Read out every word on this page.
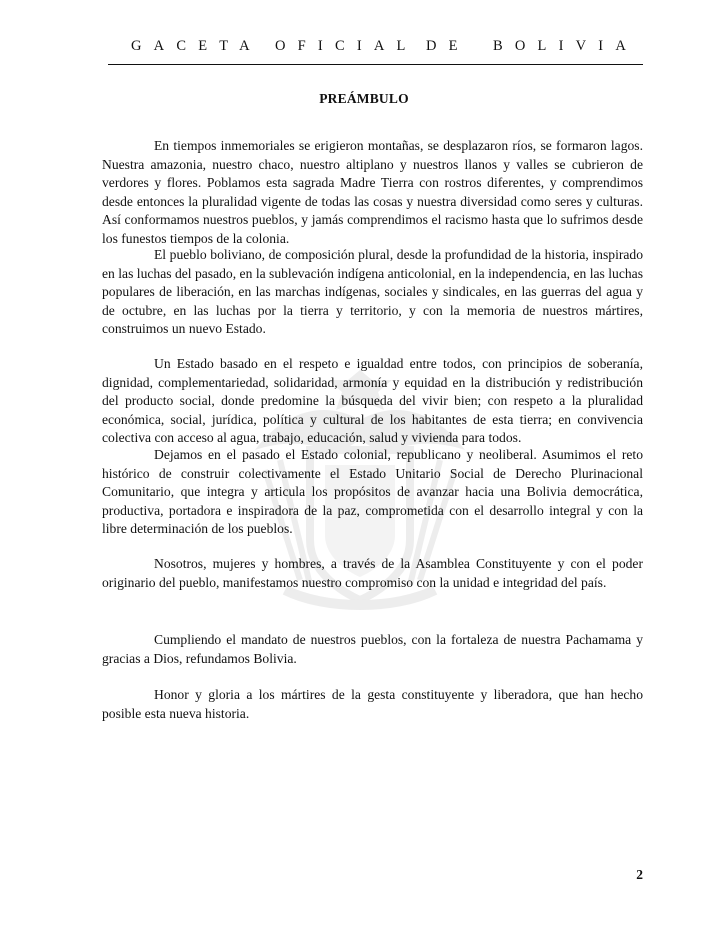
GACETA OFICIAL DE BOLIVIA
PREÁMBULO

En tiempos inmemoriales se erigieron montañas, se desplazaron ríos, se formaron lagos. Nuestra amazonia, nuestro chaco, nuestro altiplano y nuestros llanos y valles se cubrieron de verdores y flores. Poblamos esta sagrada Madre Tierra con rostros diferentes, y comprendimos desde entonces la pluralidad vigente de todas las cosas y nuestra diversidad como seres y culturas. Así conformamos nuestros pueblos, y jamás comprendimos el racismo hasta que lo sufrimos desde los funestos tiempos de la colonia.

El pueblo boliviano, de composición plural, desde la profundidad de la historia, inspirado en las luchas del pasado, en la sublevación indígena anticolonial, en la independencia, en las luchas populares de liberación, en las marchas indígenas, sociales y sindicales, en las guerras del agua y de octubre, en las luchas por la tierra y territorio, y con la memoria de nuestros mártires, construimos un nuevo Estado.

Un Estado basado en el respeto e igualdad entre todos, con principios de soberanía, dignidad, complementariedad, solidaridad, armonía y equidad en la distribución y redistribución del producto social, donde predomine la búsqueda del vivir bien; con respeto a la pluralidad económica, social, jurídica, política y cultural de los habitantes de esta tierra; en convivencia colectiva con acceso al agua, trabajo, educación, salud y vivienda para todos.

Dejamos en el pasado el Estado colonial, republicano y neoliberal. Asumimos el reto histórico de construir colectivamente el Estado Unitario Social de Derecho Plurinacional Comunitario, que integra y articula los propósitos de avanzar hacia una Bolivia democrática, productiva, portadora e inspiradora de la paz, comprometida con el desarrollo integral y con la libre determinación de los pueblos.

Nosotros, mujeres y hombres, a través de la Asamblea Constituyente y con el poder originario del pueblo, manifestamos nuestro compromiso con la unidad e integridad del país.

Cumpliendo el mandato de nuestros pueblos, con la fortaleza de nuestra Pachamama y gracias a Dios, refundamos Bolivia.

Honor y gloria a los mártires de la gesta constituyente y liberadora, que han hecho posible esta nueva historia.

2
